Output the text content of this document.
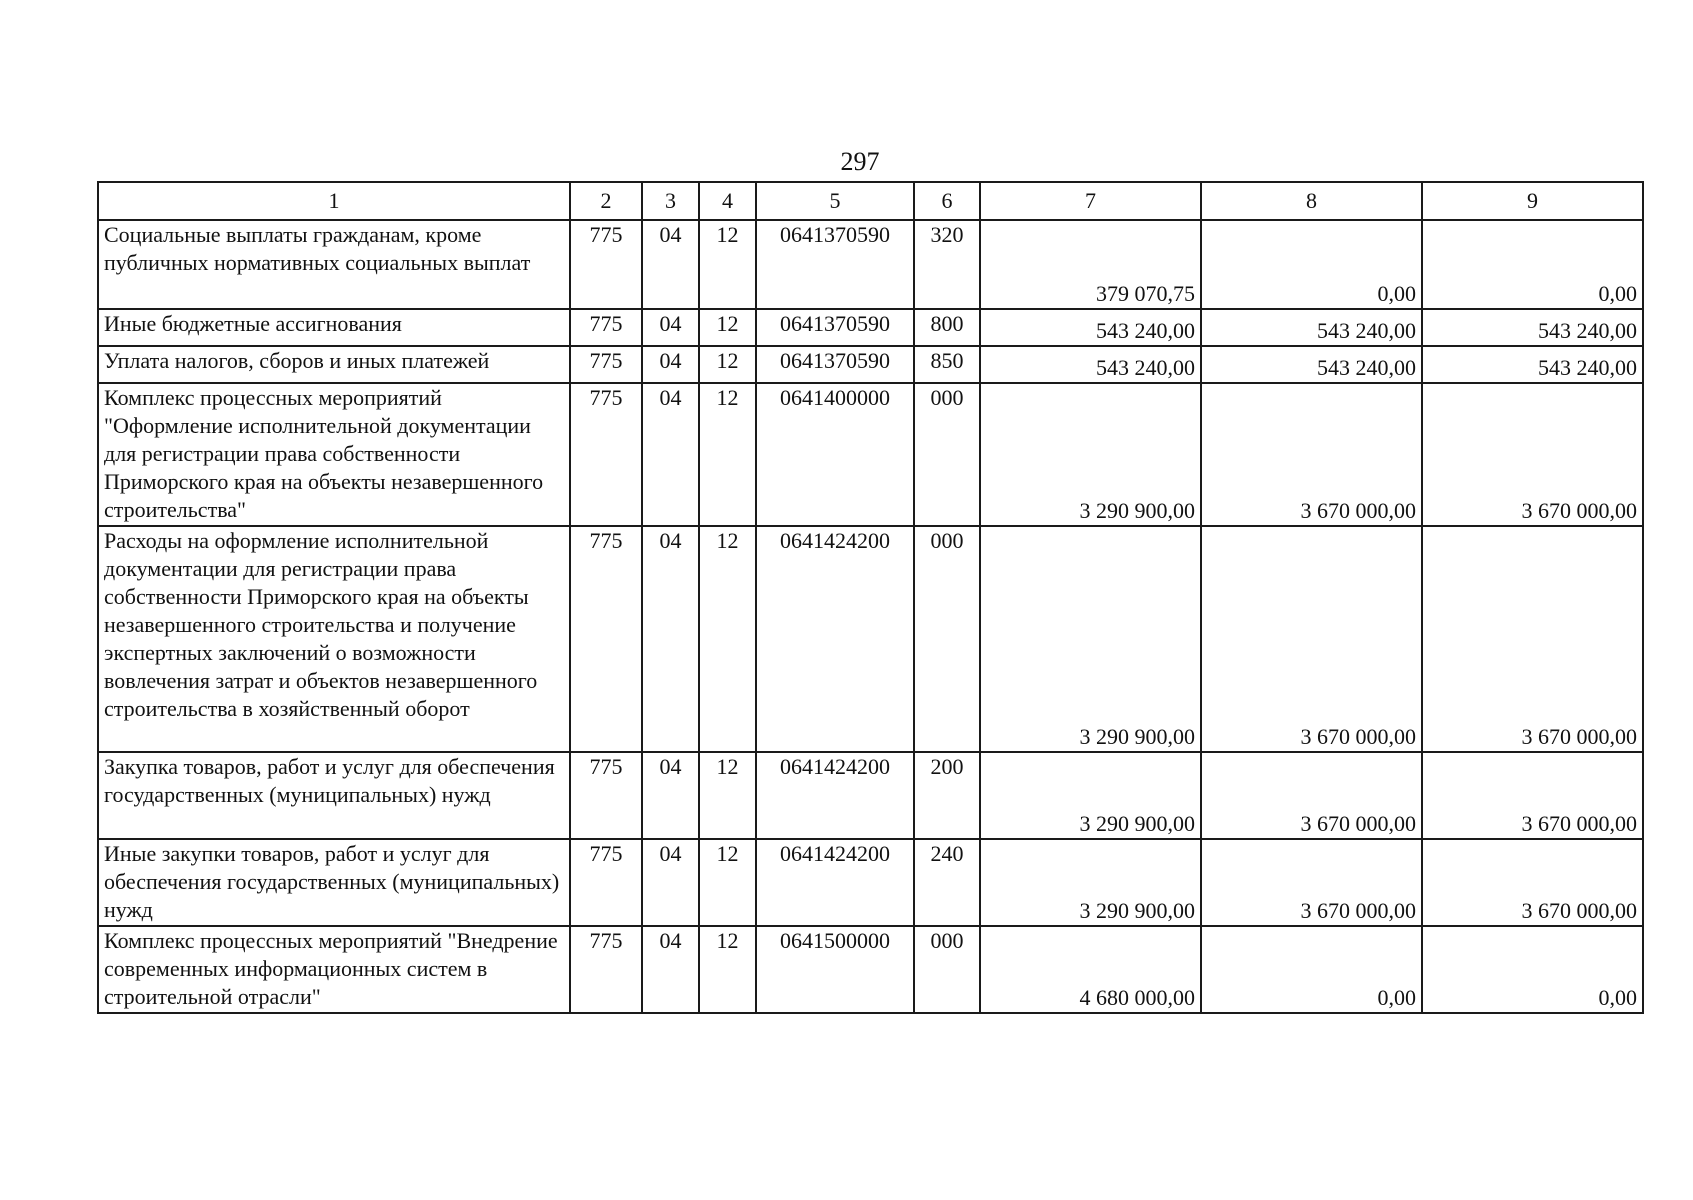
297
1	2	3	4	5	6	7	8	9
Социальные выплаты гражданам, кроме публичных нормативных социальных выплат	775	04	12	0641370590	320	379 070,75	0,00	0,00
Иные бюджетные ассигнования	775	04	12	0641370590	800	543 240,00	543 240,00	543 240,00
Уплата налогов, сборов и иных платежей	775	04	12	0641370590	850	543 240,00	543 240,00	543 240,00
Комплекс процессных мероприятий "Оформление исполнительной документации для регистрации права собственности Приморского края на объекты незавершенного строительства"	775	04	12	0641400000	000	3 290 900,00	3 670 000,00	3 670 000,00
Расходы на оформление исполнительной документации для регистрации права собственности Приморского края на объекты незавершенного строительства и получение экспертных заключений о возможности вовлечения затрат и объектов незавершенного строительства в хозяйственный оборот	775	04	12	0641424200	000	3 290 900,00	3 670 000,00	3 670 000,00
Закупка товаров, работ и услуг для обеспечения государственных (муниципальных) нужд	775	04	12	0641424200	200	3 290 900,00	3 670 000,00	3 670 000,00
Иные закупки товаров, работ и услуг для обеспечения государственных (муниципальных) нужд	775	04	12	0641424200	240	3 290 900,00	3 670 000,00	3 670 000,00
Комплекс процессных мероприятий "Внедрение современных информационных систем в строительной отрасли"	775	04	12	0641500000	000	4 680 000,00	0,00	0,00
